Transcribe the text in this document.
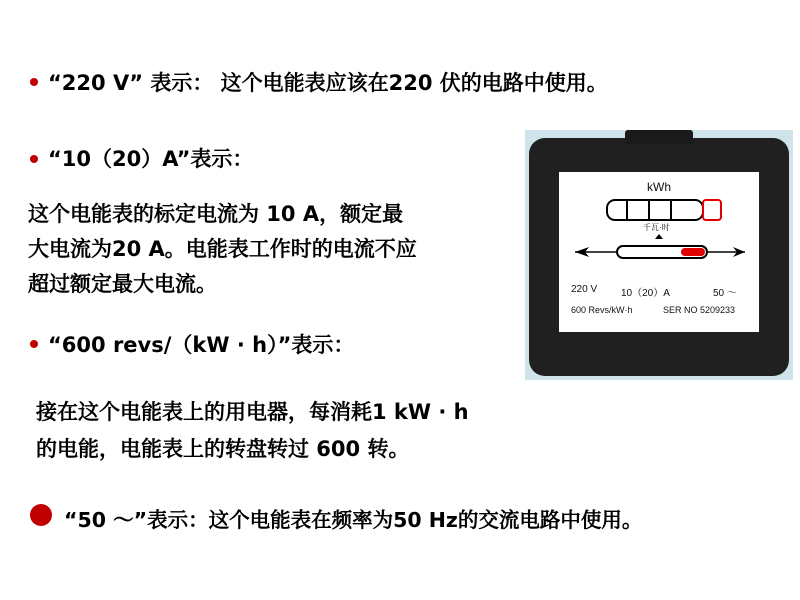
“220 V” 表示： 这个电能表应该在220 伏的电路中使用。
“10（20）A”表示：
这个电能表的标定电流为 10 A，额定最
大电流为20 A。电能表工作时的电流不应
超过额定最大电流。
“600 revs/（kW · h）”表示：
接在这个电能表上的用电器，每消耗1 kW · h
的电能，电能表上的转盘转过 600 转。
“50 ～”表示：这个电能表在频率为50 Hz的交流电路中使用。
kWh
千瓦·时
220 V 10（20）A	50 ～
600 Revs/kW·h	SER NO 5209233
